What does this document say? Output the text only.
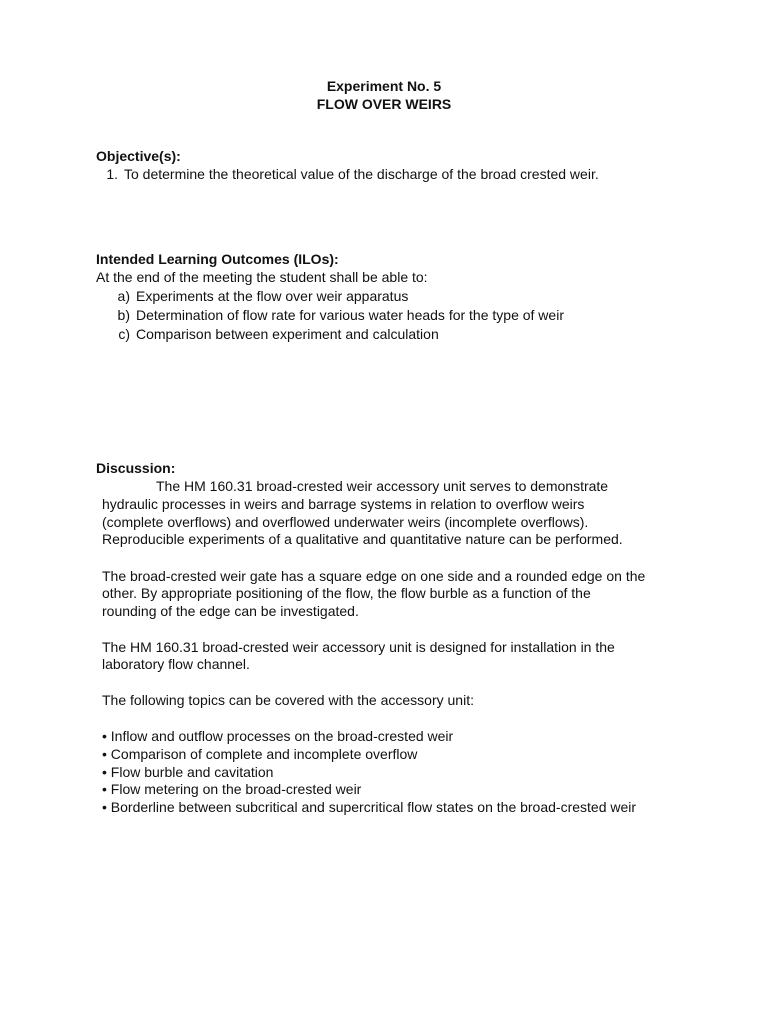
Experiment No. 5
FLOW OVER WEIRS
Objective(s):
1. To determine the theoretical value of the discharge of the broad crested weir.
Intended Learning Outcomes (ILOs):
At the end of the meeting the student shall be able to:
a) Experiments at the flow over weir apparatus
b) Determination of flow rate for various water heads for the type of weir
c) Comparison between experiment and calculation
Discussion:
The HM 160.31 broad-crested weir accessory unit serves to demonstrate
hydraulic processes in weirs and barrage systems in relation to overflow weirs
(complete overflows) and overflowed underwater weirs (incomplete overflows).
Reproducible experiments of a qualitative and quantitative nature can be performed.
The broad-crested weir gate has a square edge on one side and a rounded edge on the
other. By appropriate positioning of the flow, the flow burble as a function of the
rounding of the edge can be investigated.
The HM 160.31 broad-crested weir accessory unit is designed for installation in the
laboratory flow channel.
The following topics can be covered with the accessory unit:
• Inflow and outflow processes on the broad-crested weir
• Comparison of complete and incomplete overflow
• Flow burble and cavitation
• Flow metering on the broad-crested weir
• Borderline between subcritical and supercritical flow states on the broad-crested weir
